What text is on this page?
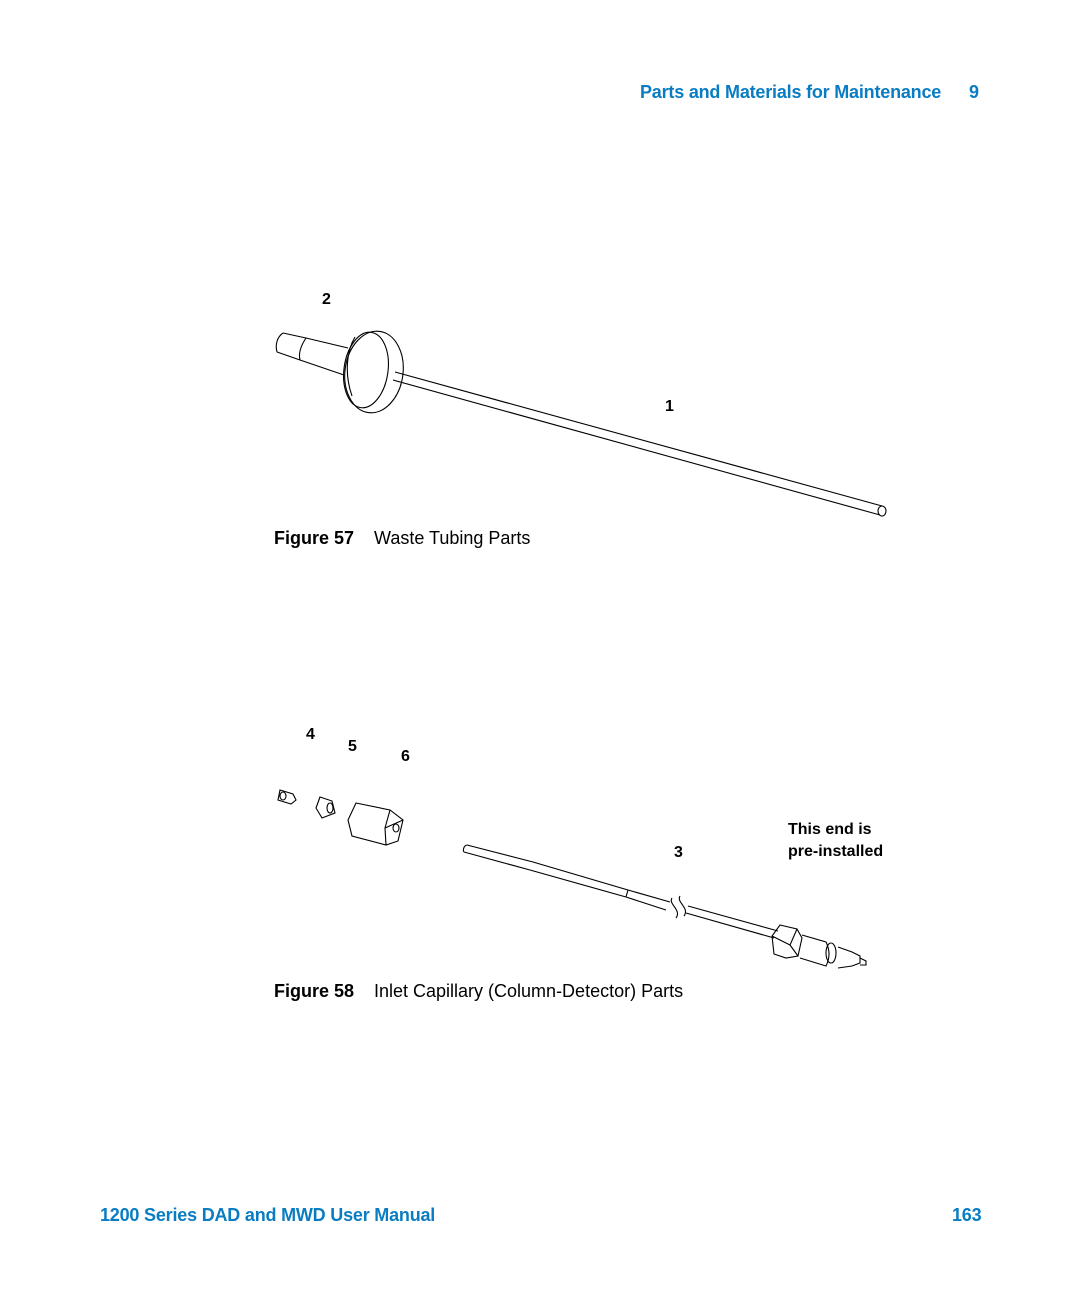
Parts and Materials for Maintenance 9
2
1
Figure 57 Waste Tubing Parts
4
5
6
3
This end is
pre-installed
Figure 58 Inlet Capillary (Column-Detector) Parts
1200 Series DAD and MWD User Manual	163
